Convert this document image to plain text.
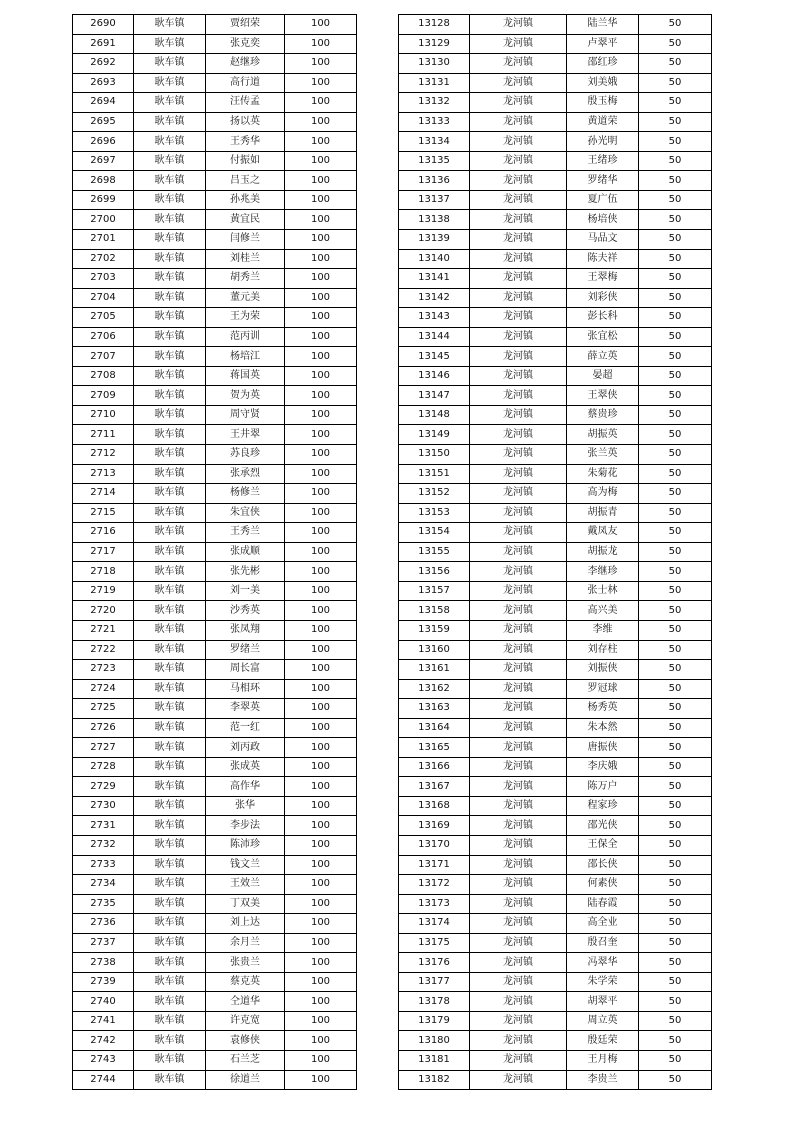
2690	耿车镇	贾绍荣	100
2691	耿车镇	张克奕	100
2692	耿车镇	赵继珍	100
2693	耿车镇	高行道	100
2694	耿车镇	汪传孟	100
2695	耿车镇	扬以英	100
2696	耿车镇	王秀华	100
2697	耿车镇	付振如	100
2698	耿车镇	吕玉之	100
2699	耿车镇	孙兆美	100
2700	耿车镇	黄宜民	100
2701	耿车镇	闫修兰	100
2702	耿车镇	刘桂兰	100
2703	耿车镇	胡秀兰	100
2704	耿车镇	董元美	100
2705	耿车镇	王为荣	100
2706	耿车镇	范丙训	100
2707	耿车镇	杨培江	100
2708	耿车镇	蒋国英	100
2709	耿车镇	贺为英	100
2710	耿车镇	周守贤	100
2711	耿车镇	王井翠	100
2712	耿车镇	苏良珍	100
2713	耿车镇	张承烈	100
2714	耿车镇	杨修兰	100
2715	耿车镇	朱宜侠	100
2716	耿车镇	王秀兰	100
2717	耿车镇	张成顺	100
2718	耿车镇	张先彬	100
2719	耿车镇	刘一美	100
2720	耿车镇	沙秀英	100
2721	耿车镇	张凤翔	100
2722	耿车镇	罗绪兰	100
2723	耿车镇	周长富	100
2724	耿车镇	马相环	100
2725	耿车镇	李翠英	100
2726	耿车镇	范一红	100
2727	耿车镇	刘丙政	100
2728	耿车镇	张成英	100
2729	耿车镇	高作华	100
2730	耿车镇	张华	100
2731	耿车镇	李步法	100
2732	耿车镇	陈沛珍	100
2733	耿车镇	钱文兰	100
2734	耿车镇	王效兰	100
2735	耿车镇	丁双美	100
2736	耿车镇	刘上达	100
2737	耿车镇	余月兰	100
2738	耿车镇	张贵兰	100
2739	耿车镇	蔡克英	100
2740	耿车镇	仝道华	100
2741	耿车镇	许克宽	100
2742	耿车镇	袁修侠	100
2743	耿车镇	石兰芝	100
2744	耿车镇	徐道兰	100
13128	龙河镇	陆兰华	50
13129	龙河镇	卢翠平	50
13130	龙河镇	邵红珍	50
13131	龙河镇	刘美娥	50
13132	龙河镇	殷玉梅	50
13133	龙河镇	黄道荣	50
13134	龙河镇	孙光明	50
13135	龙河镇	王绪珍	50
13136	龙河镇	罗绪华	50
13137	龙河镇	夏广伍	50
13138	龙河镇	杨培侠	50
13139	龙河镇	马品文	50
13140	龙河镇	陈夫祥	50
13141	龙河镇	王翠梅	50
13142	龙河镇	刘彩侠	50
13143	龙河镇	彭长科	50
13144	龙河镇	张宜松	50
13145	龙河镇	薛立英	50
13146	龙河镇	晏超	50
13147	龙河镇	王翠侠	50
13148	龙河镇	蔡贵珍	50
13149	龙河镇	胡振英	50
13150	龙河镇	张兰英	50
13151	龙河镇	朱菊花	50
13152	龙河镇	高为梅	50
13153	龙河镇	胡振青	50
13154	龙河镇	戴凤友	50
13155	龙河镇	胡振龙	50
13156	龙河镇	李继珍	50
13157	龙河镇	张士林	50
13158	龙河镇	高兴美	50
13159	龙河镇	李维	50
13160	龙河镇	刘存柱	50
13161	龙河镇	刘振侠	50
13162	龙河镇	罗冠球	50
13163	龙河镇	杨秀英	50
13164	龙河镇	朱本然	50
13165	龙河镇	唐振侠	50
13166	龙河镇	李庆娥	50
13167	龙河镇	陈万户	50
13168	龙河镇	程家珍	50
13169	龙河镇	邵光侠	50
13170	龙河镇	王保全	50
13171	龙河镇	邵长侠	50
13172	龙河镇	何素侠	50
13173	龙河镇	陆春霞	50
13174	龙河镇	高全业	50
13175	龙河镇	殷召奎	50
13176	龙河镇	冯翠华	50
13177	龙河镇	朱学荣	50
13178	龙河镇	胡翠平	50
13179	龙河镇	周立英	50
13180	龙河镇	殷廷荣	50
13181	龙河镇	王月梅	50
13182	龙河镇	李贵兰	50
